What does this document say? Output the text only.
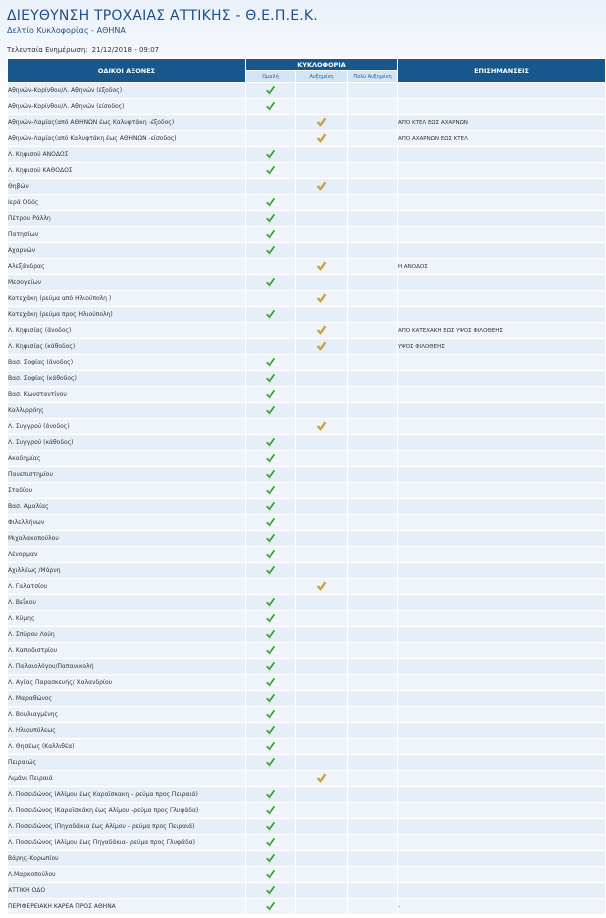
ΔΙΕΥΘΥΝΣΗ ΤΡΟΧΑΙΑΣ ΑΤΤΙΚΗΣ - Θ.Ε.Π.Ε.Κ.
Δελτίο Κυκλοφορίας - ΑΘΗΝΑ
Τελευταία Ενημέρωση: 21/12/2018 - 09:07
ΟΔΙΚΟΙ ΑΞΟΝΕΣ	ΚΥΚΛΟΦΟΡΙΑ			ΕΠΙΣΗΜΑΝΣΕΙΣ
	Ομαλή	Αυξημένη	Πολύ Αυξημένη	
Αθηνών-Κορίνθου/Λ. Αθηνών (έξοδος)				
Αθηνών-Κορίνθου/Λ. Αθηνών (είσοδος)				
Αθηνών-Λαμίας(από ΑΘΗΝΩΝ έως Καλυφτάκη -έξοδος)				ΑΠΟ ΚΤΕΛ ΕΩΣ ΑΧΑΡΝΩΝ
Αθηνών-Λαμίας(από Καλυφτάκη έως ΑΘΗΝΩΝ -είσοδος)				ΑΠΟ ΑΧΑΡΝΩΝ ΕΩΣ ΚΤΕΛ
Λ. Κηφισού ΑΝΟΔΟΣ				
Λ. Κηφισού ΚΑΘΟΔΟΣ				
Θηβών				
Ιερά Οδός				
Πέτρου Ράλλη				
Πατησίων				
Αχαρνών				
Αλεξάνδρας				Η ΑΝΟΔΟΣ
Μεσογείων				
Κατεχάκη (ρεύμα από Ηλιούπολη )				
Κατεχάκη (ρεύμα προς Ηλιούπολη)				
Λ. Κηφισίας (άνοδος)				ΑΠΟ ΚΑΤΕΧΑΚΗ ΕΩΣ ΥΨΟΣ ΦΙΛΟΘΕΗΣ
Λ. Κηφισίας (κάθοδος)				ΥΨΟΣ ΦΙΛΟΘΕΗΣ
Βασ. Σοφίας (άνοδος)				
Βασ. Σοφίας (κάθοδος)				
Βασ. Κωνσταντίνου				
Καλλιρρόης				
Λ. Συγγρού (άνοδος)				
Λ. Συγγρού (κάθοδος)				
Ακαδημίας				
Πανεπιστημίου				
Σταδίου				
Βασ. Αμαλίας				
Φιλελλήνων				
Μιχαλακοπούλου				
Λένορμαν				
Αχιλλέως /Μάρνη				
Λ. Γαλατσίου				
Λ. Βεΐκου				
Λ. Κύμης				
Λ. Σπύρου Λούη				
Λ. Καποδιστρίου				
Λ. Παλαιολόγου/Παπανικολή				
Λ. Αγίας Παρασκευής/ Χαλανδρίου				
Λ. Μαραθώνος				
Λ. Βουλιαγμένης				
Λ. Ηλιουπόλεως				
Λ. Θησέως (Καλλιθέα)				
Πειραιώς				
Λιμάνι Πειραιά				
Λ. Ποσειδώνος (Αλίμου έως Καραϊσκακη - ρεύμα προς Πειραιά)				
Λ. Ποσειδώνος (Καραϊσκάκη έως Αλίμου -ρεύμα προς Γλυφάδα)				
Λ. Ποσειδώνος (Πηγαδάκια έως Αλίμου - ρεύμα προς Πειραιά)				
Λ. Ποσειδώνος (Αλίμου έως Πηγαδάκια- ρεύμα προς Γλυφάδα)				
Βάρης-Κορωπίου				
Λ.Μαρκοπούλου				
ΑΤΤΙΚΗ ΟΔΟ				
ΠΕΡΙΦΕΡΕΙΑΚΗ ΚΑΡΕΑ ΠΡΟΣ ΑΘΗΝΑ				-
